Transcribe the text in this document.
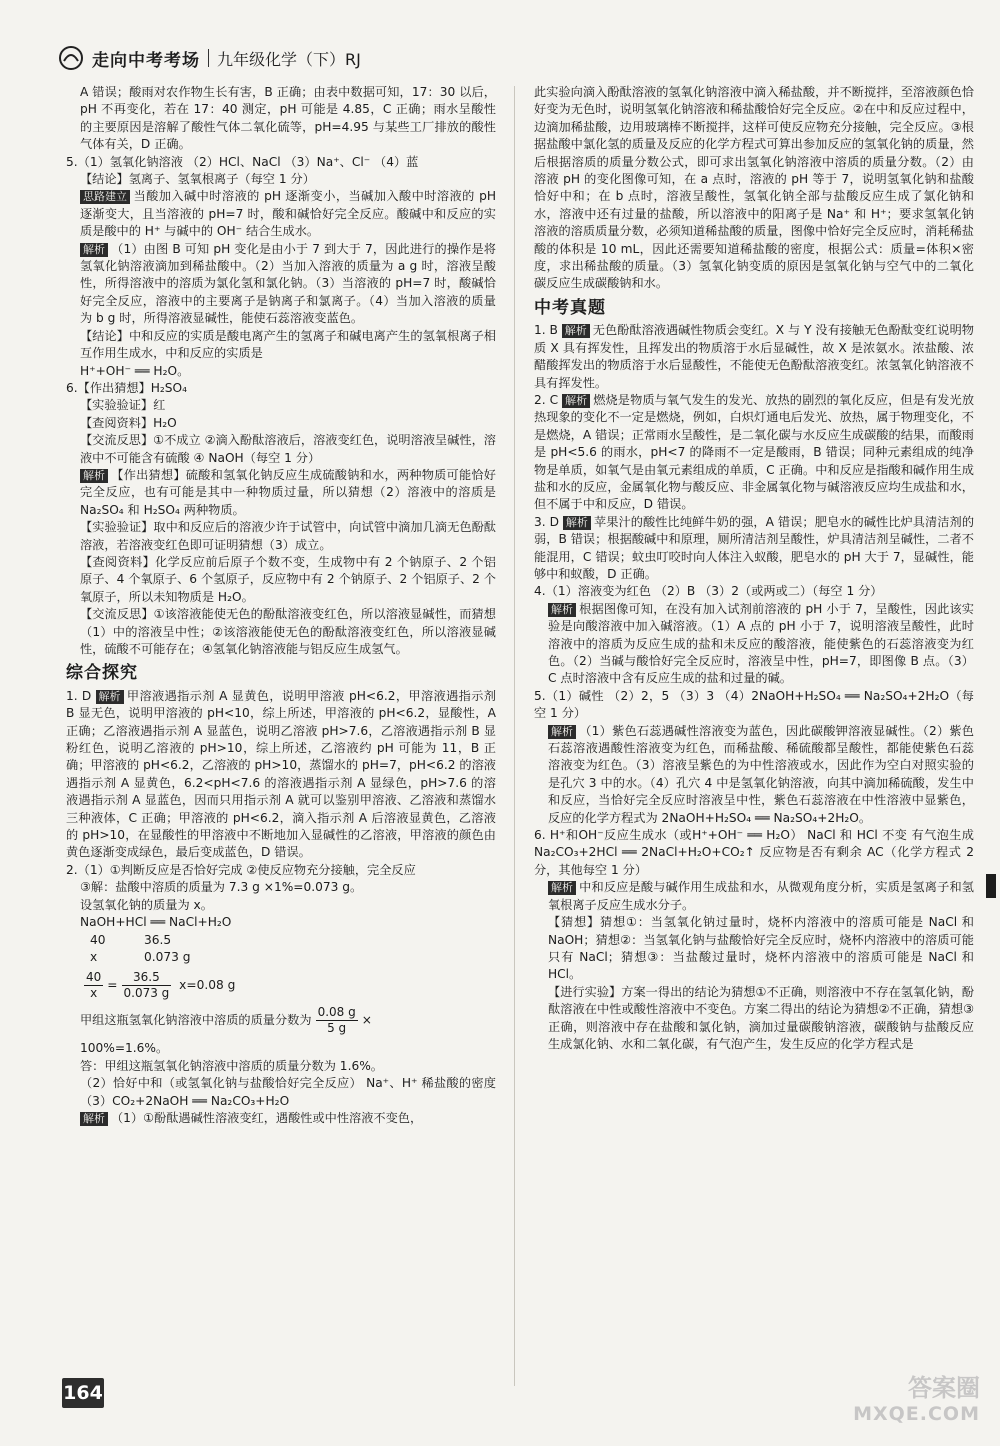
走向中考考场 九年级化学（下）RJ

A 错误；酸雨对农作物生长有害，B 正确；由表中数据可知，17：30 以后，pH 不再变化，若在 17：40 测定，pH 可能是 4.85，C 正确；雨水呈酸性的主要原因是溶解了酸性气体二氧化硫等，pH=4.95 与某些工厂排放的酸性气体有关，D 正确。

5.（1）氢氧化钠溶液 （2）HCl、NaCl （3）Na⁺、Cl⁻ （4）蓝

【结论】氢离子、氢氧根离子（每空 1 分）

思路建立 当酸加入碱中时溶液的 pH 逐渐变小，当碱加入酸中时溶液的 pH 逐渐变大，且当溶液的 pH=7 时，酸和碱恰好完全反应。酸碱中和反应的实质是酸中的 H⁺ 与碱中的 OH⁻ 结合生成水。

解析 （1）由图 B 可知 pH 变化是由小于 7 到大于 7，因此进行的操作是将氢氧化钠溶液滴加到稀盐酸中。（2）当加入溶液的质量为 a g 时，溶液呈酸性，所得溶液中的溶质为氯化氢和氯化钠。（3）当溶液的 pH=7 时，酸碱恰好完全反应，溶液中的主要离子是钠离子和氯离子。（4）当加入溶液的质量为 b g 时，所得溶液显碱性，能使石蕊溶液变蓝色。

【结论】中和反应的实质是酸电离产生的氢离子和碱电离产生的氢氧根离子相互作用生成水，中和反应的实质是

H⁺+OH⁻ ══ H₂O。

6.【作出猜想】H₂SO₄

【实验验证】红

【查阅资料】H₂O

【交流反思】①不成立 ②滴入酚酞溶液后，溶液变红色，说明溶液呈碱性，溶液中不可能含有硫酸 ④ NaOH（每空 1 分）

解析 【作出猜想】硫酸和氢氧化钠反应生成硫酸钠和水，两种物质可能恰好完全反应，也有可能是其中一种物质过量，所以猜想（2）溶液中的溶质是 Na₂SO₄ 和 H₂SO₄ 两种物质。

【实验验证】取中和反应后的溶液少许于试管中，向试管中滴加几滴无色酚酞溶液，若溶液变红色即可证明猜想（3）成立。

【查阅资料】化学反应前后原子个数不变，生成物中有 2 个钠原子、2 个铝原子、4 个氧原子、6 个氢原子，反应物中有 2 个钠原子、2 个铝原子、2 个氧原子，所以未知物质是 H₂O。

【交流反思】①该溶液能使无色的酚酞溶液变红色，所以溶液显碱性，而猜想（1）中的溶液呈中性；②该溶液能使无色的酚酞溶液变红色，所以溶液显碱性，硫酸不可能存在；④氢氧化钠溶液能与铝反应生成氢气。

综合探究

1. D 解析 甲溶液遇指示剂 A 显黄色，说明甲溶液 pH<6.2，甲溶液遇指示剂 B 显无色，说明甲溶液的 pH<10，综上所述，甲溶液的 pH<6.2，显酸性，A 正确；乙溶液遇指示剂 A 显蓝色，说明乙溶液 pH>7.6，乙溶液遇指示剂 B 显粉红色，说明乙溶液的 pH>10，综上所述，乙溶液约 pH 可能为 11，B 正确；甲溶液的 pH<6.2，乙溶液的 pH>10，蒸馏水的 pH=7，pH<6.2 的溶液遇指示剂 A 显黄色，6.2<pH<7.6 的溶液遇指示剂 A 显绿色，pH>7.6 的溶液遇指示剂 A 显蓝色，因而只用指示剂 A 就可以鉴别甲溶液、乙溶液和蒸馏水三种液体，C 正确；甲溶液的 pH<6.2，滴入指示剂 A 后溶液显黄色，乙溶液的 pH>10，在显酸性的甲溶液中不断地加入显碱性的乙溶液，甲溶液的颜色由黄色逐渐变成绿色，最后变成蓝色，D 错误。

2.（1）①判断反应是否恰好完成 ②使反应物充分接触，完全反应

③解：盐酸中溶质的质量为 7.3 g ×1%=0.073 g。

设氢氧化钠的质量为 x。

NaOH+HCl ══ NaCl+H₂O

40	36.5

x	0.073 g

$\frac{40}{x} = \frac{36.5}{0.073 g} x=0.08$ g

甲组这瓶氢氧化钠溶液中溶质的质量分数为 $\frac{0.08 g}{5 g}$ ×

100%=1.6%。

答：甲组这瓶氢氧化钠溶液中溶质的质量分数为 1.6%。

（2）恰好中和（或氢氧化钠与盐酸恰好完全反应） Na⁺、H⁺ 稀盐酸的密度 （3）CO₂+2NaOH ══ Na₂CO₃+H₂O

解析 （1）①酚酞遇碱性溶液变红，遇酸性或中性溶液不变色，

此实验向滴入酚酞溶液的氢氧化钠溶液中滴入稀盐酸，并不断搅拌，至溶液颜色恰好变为无色时，说明氢氧化钠溶液和稀盐酸恰好完全反应。②在中和反应过程中，边滴加稀盐酸，边用玻璃棒不断搅拌，这样可使反应物充分接触，完全反应。③根据盐酸中氯化氢的质量及反应的化学方程式可算出参加反应的氢氧化钠的质量，然后根据溶质的质量分数公式，即可求出氢氧化钠溶液中溶质的质量分数。（2）由溶液 pH 的变化图像可知，在 a 点时，溶液的 pH 等于 7，说明氢氧化钠和盐酸恰好中和；在 b 点时，溶液呈酸性，氢氧化钠全部与盐酸反应生成了氯化钠和水，溶液中还有过量的盐酸，所以溶液中的阳离子是 Na⁺ 和 H⁺；要求氢氧化钠溶液的溶质质量分数，必须知道稀盐酸的质量，图像中恰好完全反应时，消耗稀盐酸的体积是 10 mL，因此还需要知道稀盐酸的密度，根据公式：质量=体积×密度，求出稀盐酸的质量。（3）氢氧化钠变质的原因是氢氧化钠与空气中的二氧化碳反应生成碳酸钠和水。

中考真题

1. B 解析 无色酚酞溶液遇碱性物质会变红。X 与 Y 没有接触无色酚酞变红说明物质 X 具有挥发性，且挥发出的物质溶于水后显碱性，故 X 是浓氨水。浓盐酸、浓醋酸挥发出的物质溶于水后显酸性，不能使无色酚酞溶液变红。浓氢氧化钠溶液不具有挥发性。

2. C 解析 燃烧是物质与氧气发生的发光、放热的剧烈的氧化反应，但是有发光放热现象的变化不一定是燃烧，例如，白炽灯通电后发光、放热，属于物理变化，不是燃烧，A 错误；正常雨水呈酸性，是二氧化碳与水反应生成碳酸的结果，而酸雨是 pH<5.6 的雨水，pH<7 的降雨不一定是酸雨，B 错误；同种元素组成的纯净物是单质，如氧气是由氧元素组成的单质，C 正确。中和反应是指酸和碱作用生成盐和水的反应，金属氧化物与酸反应、非金属氧化物与碱溶液反应均生成盐和水，但不属于中和反应，D 错误。

3. D 解析 苹果汁的酸性比纯鲜牛奶的强，A 错误；肥皂水的碱性比炉具清洁剂的弱，B 错误；根据酸碱中和原理，厕所清洁剂呈酸性，炉具清洁剂呈碱性，二者不能混用，C 错误；蚊虫叮咬时向人体注入蚁酸，肥皂水的 pH 大于 7，显碱性，能够中和蚁酸，D 正确。

4.（1）溶液变为红色 （2）B （3）2（或两或二）（每空 1 分）

解析 根据图像可知，在没有加入试剂前溶液的 pH 小于 7，呈酸性，因此该实验是向酸溶液中加入碱溶液。（1）A 点的 pH 小于 7，说明溶液呈酸性，此时溶液中的溶质为反应生成的盐和未反应的酸溶液，能使紫色的石蕊溶液变为红色。（2）当碱与酸恰好完全反应时，溶液呈中性，pH=7，即图像 B 点。（3）C 点时溶液中含有反应生成的盐和过量的碱。

5.（1）碱性 （2）2，5 （3）3 （4）2NaOH+H₂SO₄ ══ Na₂SO₄+2H₂O（每空 1 分）

解析 （1）紫色石蕊遇碱性溶液变为蓝色，因此碳酸钾溶液显碱性。（2）紫色石蕊溶液遇酸性溶液变为红色，而稀盐酸、稀硫酸都呈酸性，都能使紫色石蕊溶液变为红色。（3）溶液呈紫色的为中性溶液或水，因此作为空白对照实验的是孔穴 3 中的水。（4）孔穴 4 中是氢氧化钠溶液，向其中滴加稀硫酸，发生中和反应，当恰好完全反应时溶液呈中性，紫色石蕊溶液在中性溶液中显紫色，反应的化学方程式为 2NaOH+H₂SO₄ ══ Na₂SO₄+2H₂O。

6. H⁺和OH⁻反应生成水（或H⁺+OH⁻ ══ H₂O） NaCl 和 HCl 不变 有气泡生成 Na₂CO₃+2HCl ══ 2NaCl+H₂O+CO₂↑ 反应物是否有剩余 AC（化学方程式 2 分，其他每空 1 分）

解析 中和反应是酸与碱作用生成盐和水，从微观角度分析，实质是氢离子和氢氧根离子反应生成水分子。

【猜想】猜想①：当氢氧化钠过量时，烧杯内溶液中的溶质可能是 NaCl 和 NaOH；猜想②：当氢氧化钠与盐酸恰好完全反应时，烧杯内溶液中的溶质可能只有 NaCl；猜想③：当盐酸过量时，烧杯内溶液中的溶质可能是 NaCl 和 HCl。

【进行实验】方案一得出的结论为猜想①不正确，则溶液中不存在氢氧化钠，酚酞溶液在中性或酸性溶液中不变色。方案二得出的结论为猜想②不正确，猜想③正确，则溶液中存在盐酸和氯化钠，滴加过量碳酸钠溶液，碳酸钠与盐酸反应生成氯化钠、水和二氧化碳，有气泡产生，发生反应的化学方程式是

164	答案圈
MXQE.COM
